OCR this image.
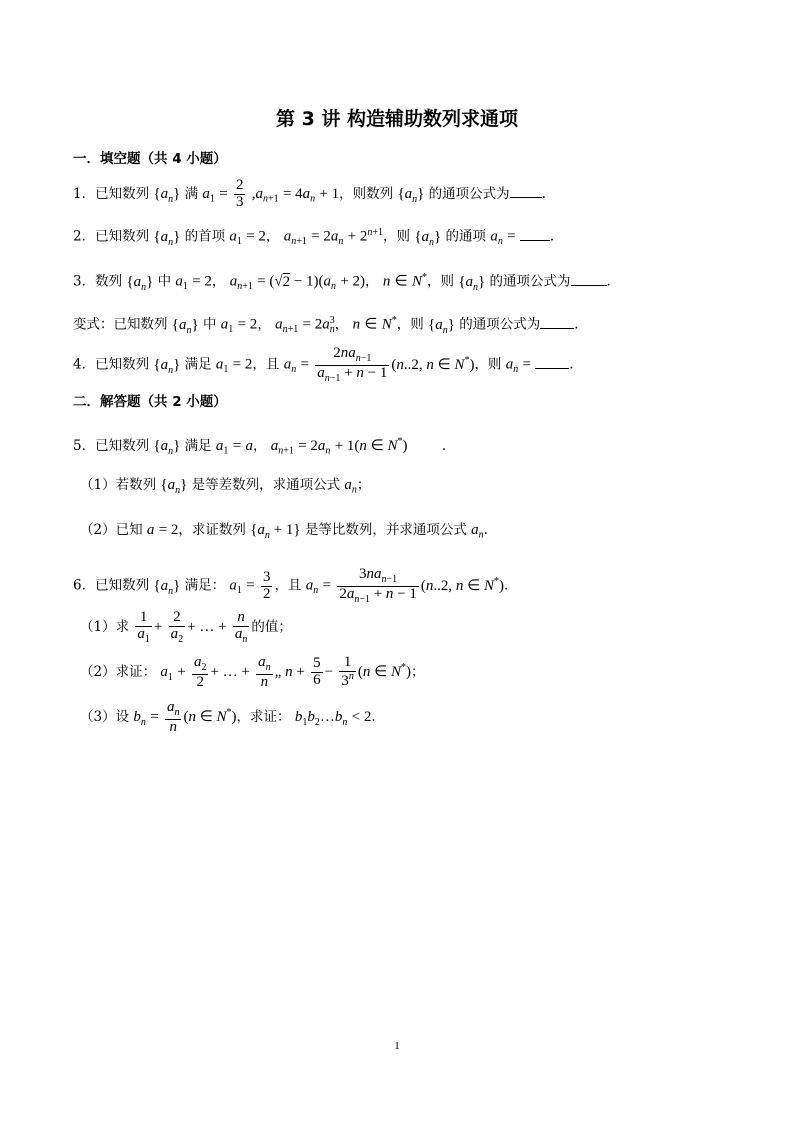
第 3 讲 构造辅助数列求通项
一．填空题（共 4 小题）
1．已知数列 $\{a_n\}$ 满 $a_1 = \frac{2}{3} ,a_{n+1} = 4a_n + 1$，则数列 $\{a_n\}$ 的通项公式为 .
2．已知数列 $\{a_n\}$ 的首项 $a_1 = 2$， $a_{n+1} = 2a_n + 2^{n+1}$，则 $\{a_n\}$ 的通项 $a_n$ =	.
3．数列 $\{a_n\}$ 中 $a_1 = 2$， $a_{n+1} = (√2 - 1)(a_n + 2)$， n ∈ N*，则 $\{a_n\}$ 的通项公式为	.
变式：已知数列 $\{a_n\}$ 中 $a_1 = 2$， $a_{n+1} = 2a_n^3$， n ∈ N*，则 $\{a_n\}$ 的通项公式为	.
4．已知数列 $\{a_n\}$ 满足 $a_1 = 2$，且 $a_n = \frac{2na_{n-1}}{a_{n-1} + n - 1} (n..2$, n ∈ N*)，则 $a_n$ =	.
二．解答题（共 2 小题）
5．已知数列 $\{a_n\}$ 满足 $a_1 = a$， $a_{n+1} = 2a_n + 1(n$ ∈ N*)	.
（1）若数列 $\{a_n\}$ 是等差数列，求通项公式 $a_n$；
（2）已知 a = 2，求证数列 $\{a_n + 1\}$ 是等比数列，并求通项公式 $a_n$.
6．已知数列 $\{a_n\}$ 满足： $a_1 = \frac{3}{2}$ ，且 $a_n = \frac{3na_{n-1}}{2a_{n-1} + n - 1} (n..2$, n ∈ N*).
（1）求 $\frac{1}{a_1} + \frac{2}{a_2}$ + … + $\frac{n}{a_n}$ 的值；
（2）求证： $a_1 + \frac{a_2}{2}$ + … + $\frac{a_n}{n}$ „ $n + \frac{5}{6} - \frac{1}{3^n} (n$ ∈ N*)；
（3）设 $b_n = \frac{a_n}{n} (n$ ∈ N*)，求证： $b_1b_2\dots b_n < 2$.
1
